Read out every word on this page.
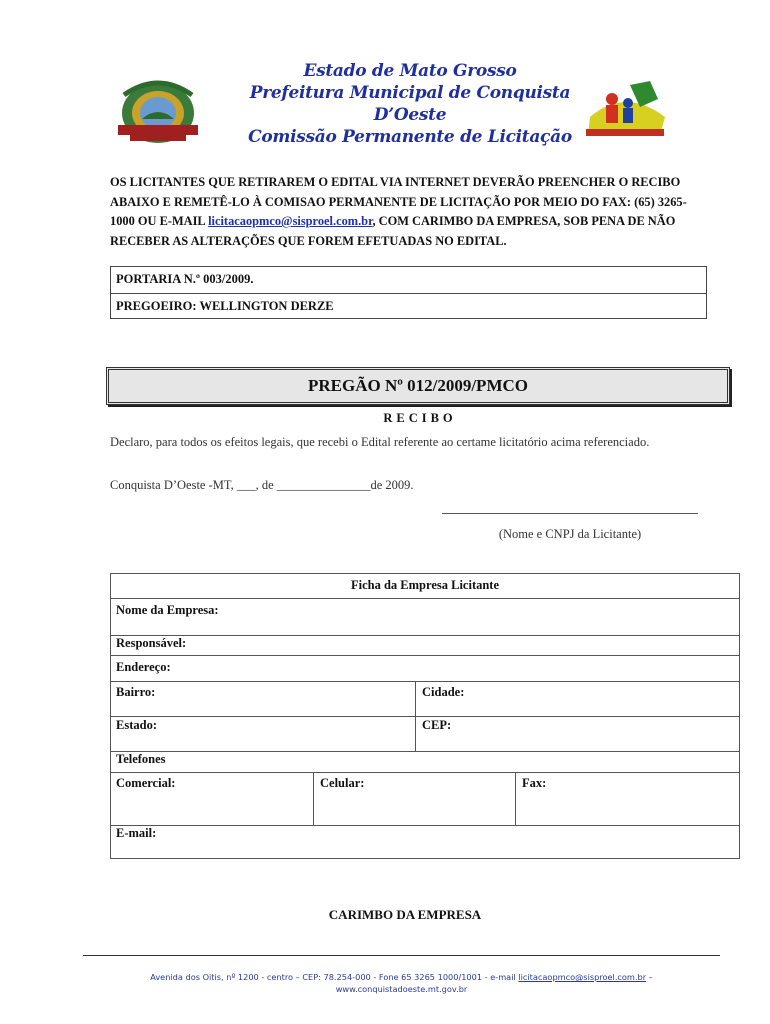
Estado de Mato Grosso
Prefeitura Municipal de Conquista D’Oeste
Comissão Permanente de Licitação
OS LICITANTES QUE RETIRAREM O EDITAL VIA INTERNET DEVERÃO PREENCHER O RECIBO ABAIXO E REMETÊ-LO À COMISAO PERMANENTE DE LICITAÇÃO POR MEIO DO FAX: (65) 3265-1000 OU E-MAIL licitacaopmco@sisproel.com.br, COM CARIMBO DA EMPRESA, SOB PENA DE NÃO RECEBER AS ALTERAÇÕES QUE FOREM EFETUADAS NO EDITAL.
PORTARIA N.º 003/2009.
PREGOEIRO: WELLINGTON DERZE
PREGÃO Nº 012/2009/PMCO
RECIBO
Declaro, para todos os efeitos legais, que recebi o Edital referente ao certame licitatório acima referenciado.
Conquista D’Oeste -MT, ___, de _______________de 2009.
(Nome e CNPJ da Licitante)
Ficha da Empresa Licitante
Nome da Empresa:
Responsável:
Endereço:
Bairro:	Cidade:
Estado:	CEP:
Telefones
Comercial:	Celular:	Fax:
E-mail:
CARIMBO DA EMPRESA
Avenida dos Oitis, nº 1200 - centro – CEP: 78.254-000 - Fone 65 3265 1000/1001 - e-mail licitacaopmco@sisproel.com.br –
www.conquistadoeste.mt.gov.br
